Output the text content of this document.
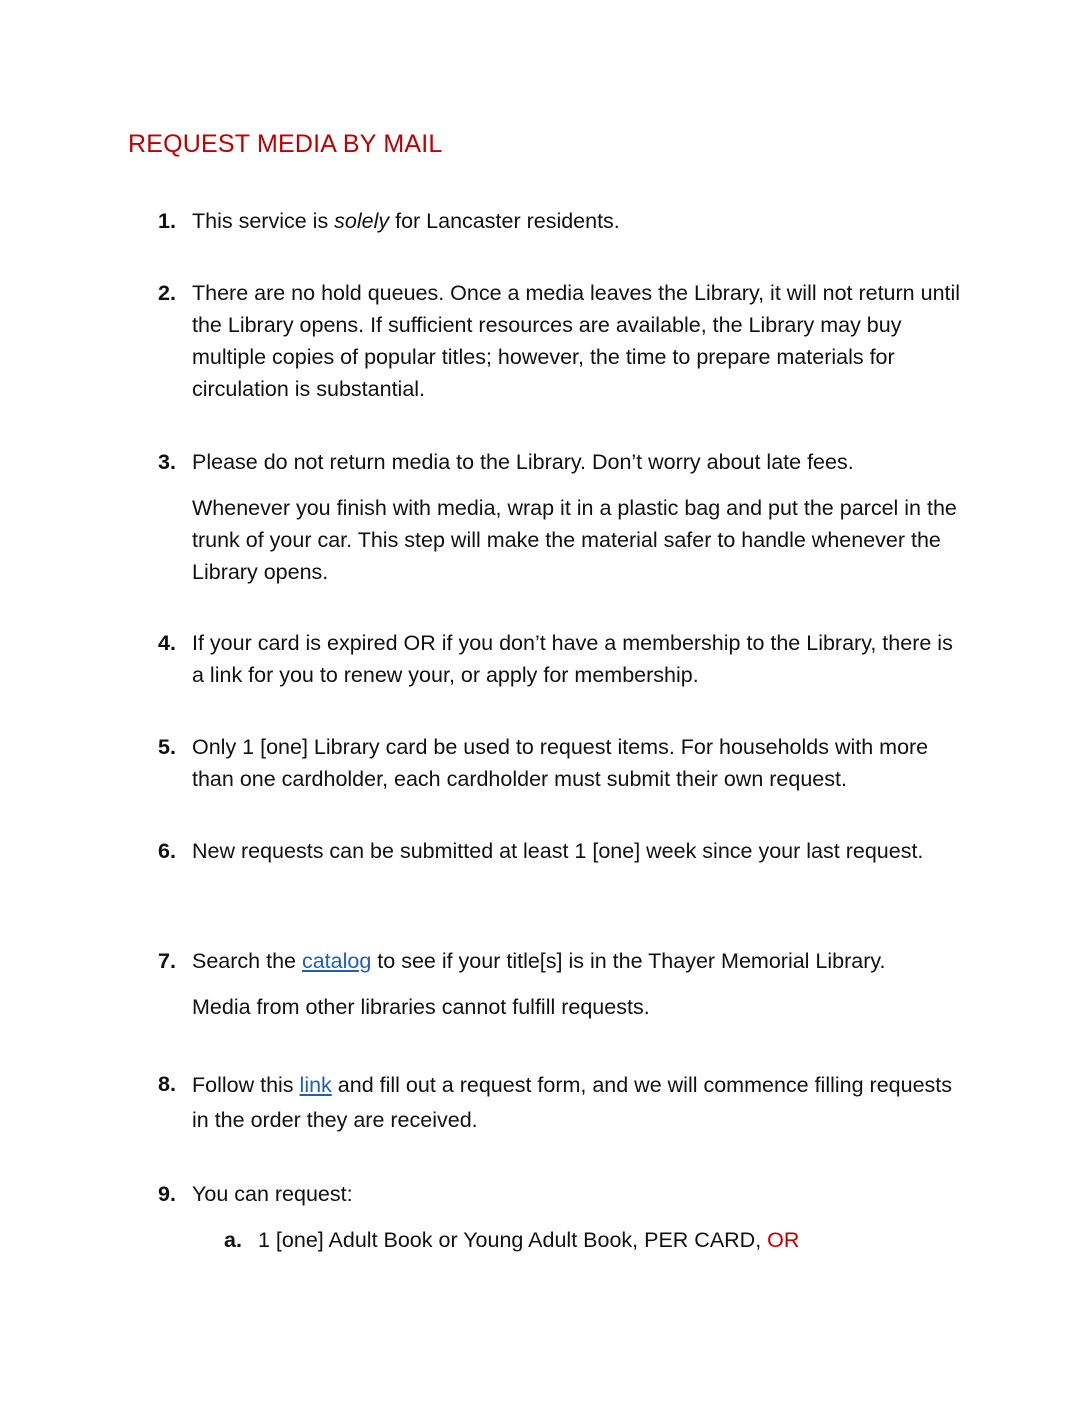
REQUEST MEDIA BY MAIL
1. This service is solely for Lancaster residents.

2. There are no hold queues. Once a media leaves the Library, it will not return until the Library opens. If sufficient resources are available, the Library may buy multiple copies of popular titles; however, the time to prepare materials for circulation is substantial.

3. Please do not return media to the Library. Don’t worry about late fees.

Whenever you finish with media, wrap it in a plastic bag and put the parcel in the trunk of your car. This step will make the material safer to handle whenever the Library opens.

4. If your card is expired OR if you don’t have a membership to the Library, there is a link for you to renew your, or apply for membership.

5. Only 1 [one] Library card be used to request items. For households with more than one cardholder, each cardholder must submit their own request.

6. New requests can be submitted at least 1 [one] week since your last request.

7. Search the catalog to see if your title[s] is in the Thayer Memorial Library.

Media from other libraries cannot fulfill requests.

8. Follow this link and fill out a request form, and we will commence filling requests in the order they are received.

9. You can request:

a. 1 [one] Adult Book or Young Adult Book, PER CARD, OR
